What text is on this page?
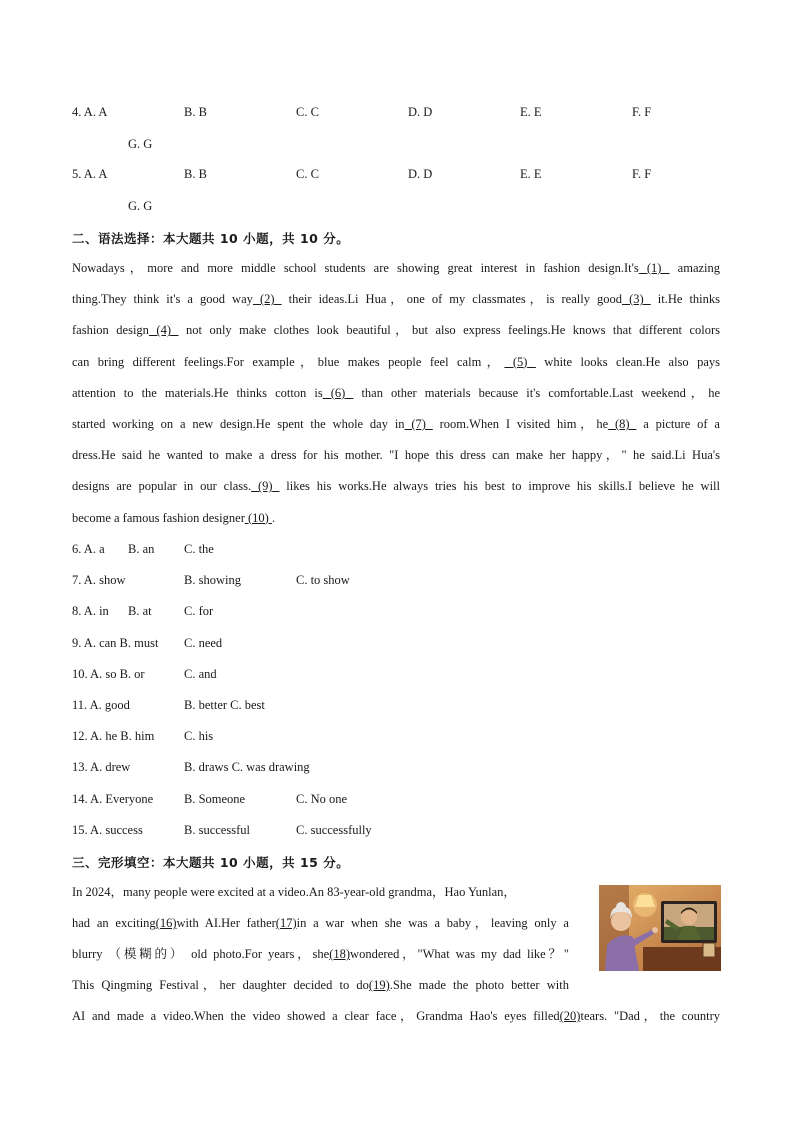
4. A. A	B. B	C. C	D. D	E. E	F. F
G. G
5. A. A	B. B	C. C	D. D	E. E	F. F
G. G
二、语法选择：本大题共 10 小题，共 10 分。
Nowadays，more and more middle school students are showing great interest in fashion design.It's (1)  amazing
thing.They think it's a good way (2)  their ideas.Li Hua，one of my classmates，is really good (3)  it.He thinks
fashion design (4)  not only make clothes look beautiful，but also express feelings.He knows that different colors
can bring different feelings.For example，blue makes people feel calm， (5)  white looks clean.He also pays
attention to the materials.He thinks cotton is (6)  than other materials because it's comfortable.Last weekend，he
started working on a new design.He spent the whole day in (7)  room.When I visited him，he (8)  a picture of a
dress.He said he wanted to make a dress for his mother. "I hope this dress can make her happy，" he said.Li Hua's
designs are popular in our class. (9)  likes his works.He always tries his best to improve his skills.I believe he will
become a famous fashion designer (10) .
6. A. a B. an C. the
7. A. show	B. showing	C. to show
8. A. in B. at	C. for
9. A. can B. must C. need
10. A. so B. or	C. and
11. A. good	B. better C. best
12. A. he B. him C. his
13. A. drew	B. draws C. was drawing
14. A. Everyone B. Someone	C. No one
15. A. success	B. successful	C. successfully
三、完形填空：本大题共 10 小题，共 15 分。
In 2024，many people were excited at a video.An 83-year-old grandma，Hao Yunlan，
had an exciting(16)with AI.Her father(17)in a war when she was a baby，leaving only a
blurry （模糊的） old photo.For years，she(18)wondered，"What was my dad like？"
This Qingming Festival，her daughter decided to do(19).She made the photo better with
AI and made a video.When the video showed a clear face，Grandma Hao's eyes filled(20)tears. "Dad，the country
